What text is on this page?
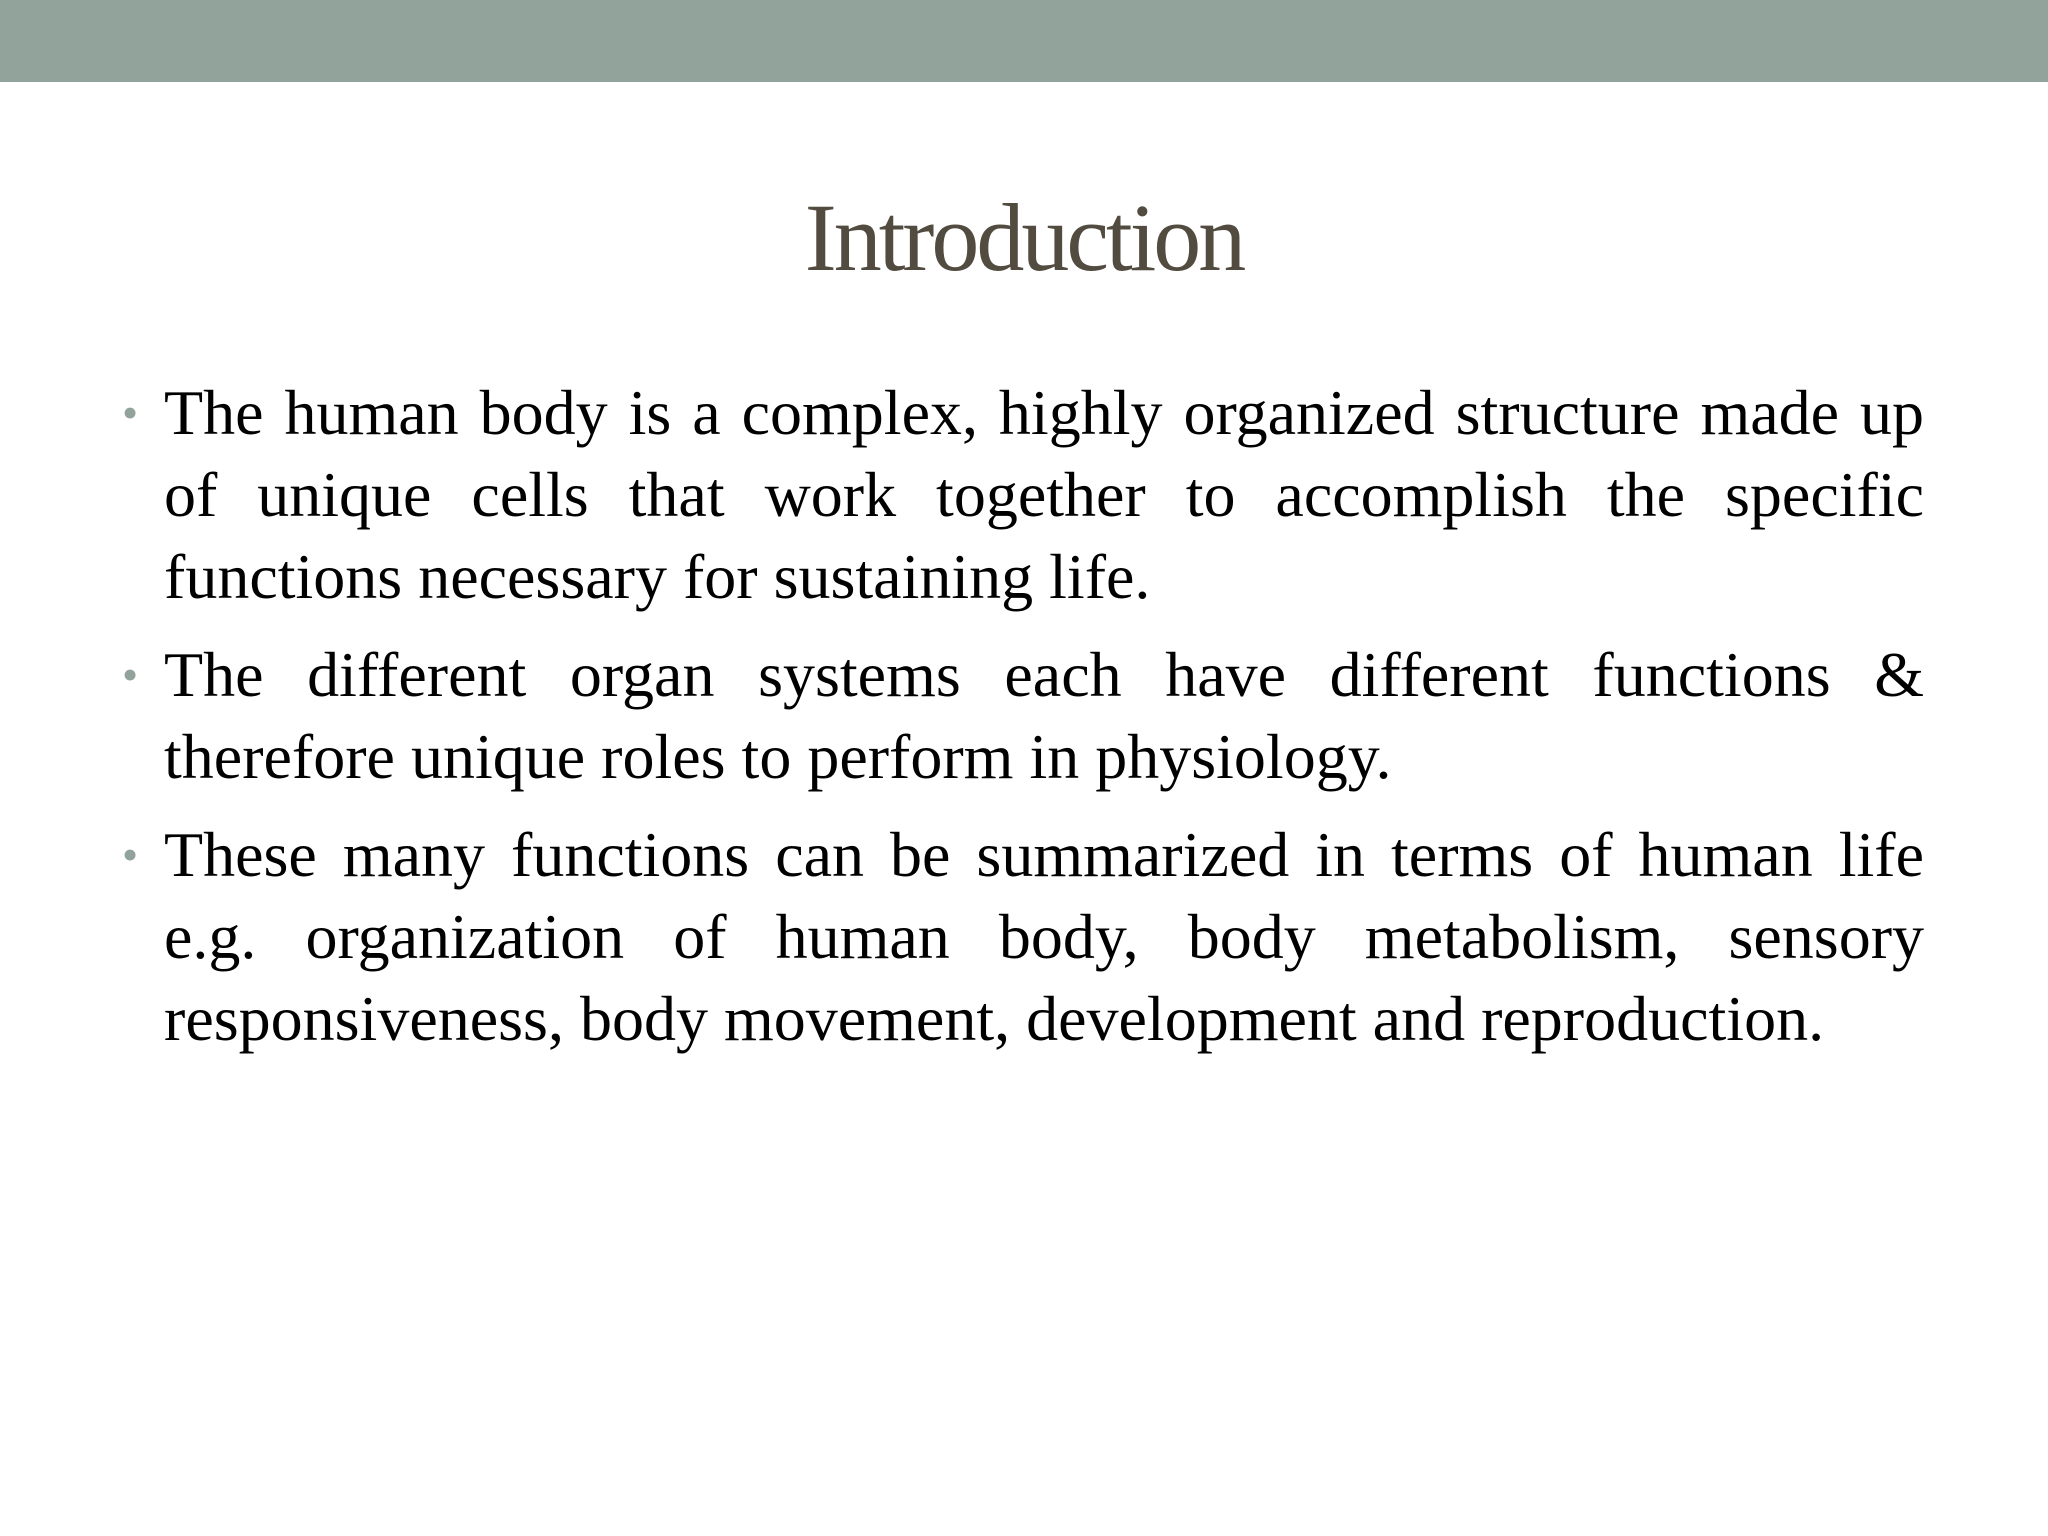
Introduction
• The human body is a complex, highly organized structure made up of unique cells that work together to accomplish the specific functions necessary for sustaining life.
• The different organ systems each have different functions & therefore unique roles to perform in physiology.
• These many functions can be summarized in terms of human life e.g. organization of human body, body metabolism, sensory responsiveness, body movement, development and reproduction.
